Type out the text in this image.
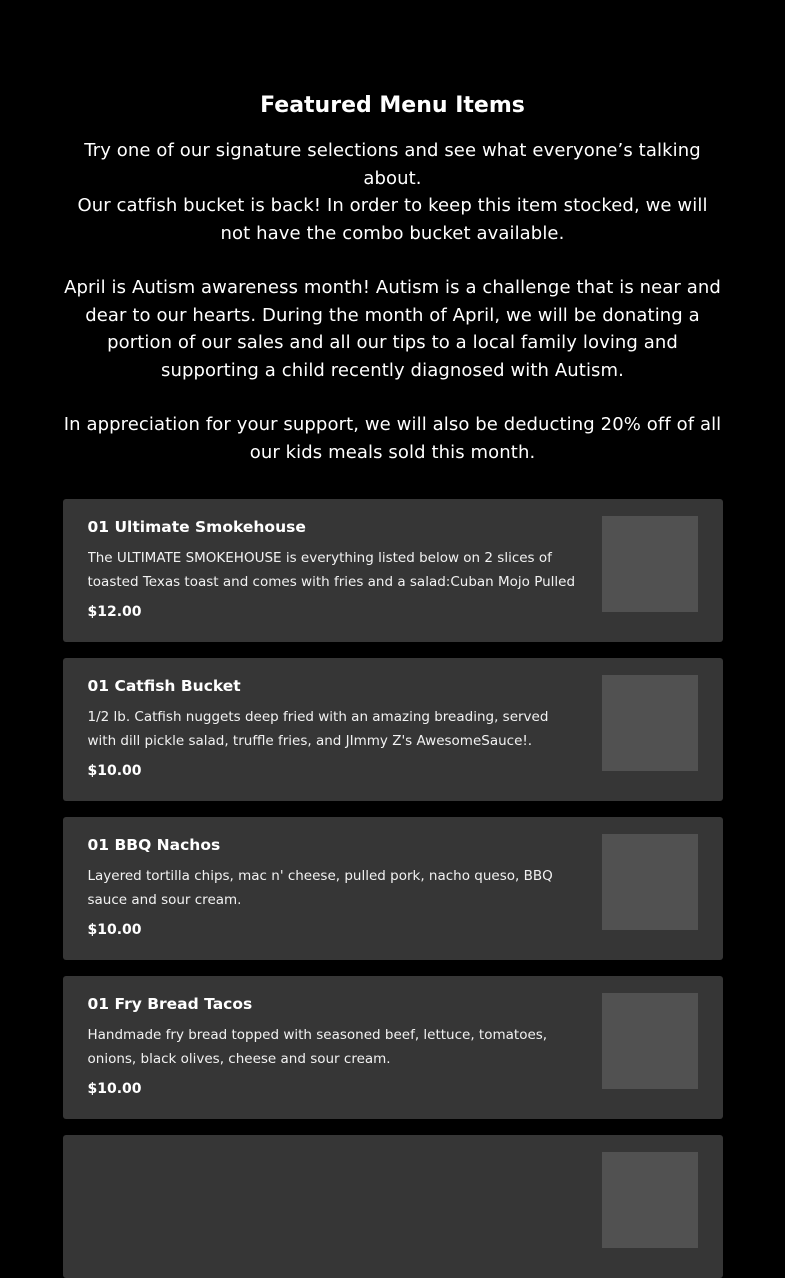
Featured Menu Items

Try one of our signature selections and see what everyone’s talking about.

Our catfish bucket is back! In order to keep this item stocked, we will not have the combo bucket available.

April is Autism awareness month! Autism is a challenge that is near and dear to our hearts. During the month of April, we will be donating a portion of our sales and all our tips to a local family loving and supporting a child recently diagnosed with Autism.

In appreciation for your support, we will also be deducting 20% off of all our kids meals sold this month.

01 Ultimate Smokehouse

The ULTIMATE SMOKEHOUSE is everything listed below on 2 slices of toasted Texas toast and comes with fries and a salad:Cuban Mojo Pulled

$12.00
01 Catfish Bucket

1/2 lb. Catfish nuggets deep fried with an amazing breading, served with dill pickle salad, truffle fries, and JImmy Z's AwesomeSauce!.

$10.00
01 BBQ Nachos

Layered tortilla chips, mac n' cheese, pulled pork, nacho queso, BBQ sauce and sour cream.

$10.00
01 Fry Bread Tacos

Handmade fry bread topped with seasoned beef, lettuce, tomatoes, onions, black olives, cheese and sour cream.

$10.00
